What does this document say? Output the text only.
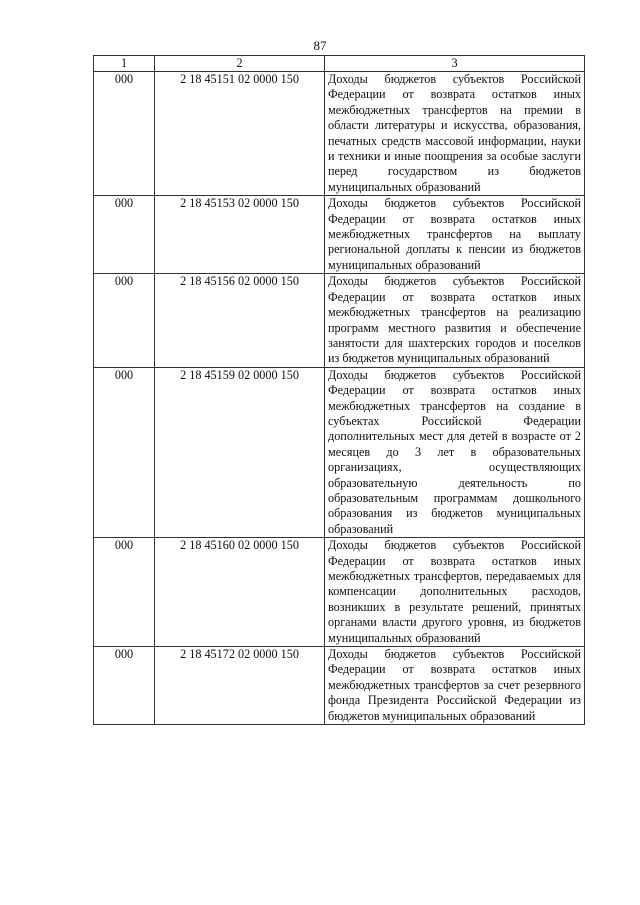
87
1	2	3
000	2 18 45151 02 0000 150	Доходы бюджетов субъектов Российской Федерации от возврата остатков иных межбюджетных трансфертов на премии в области литературы и искусства, образования, печатных средств массовой информации, науки и техники и иные поощрения за особые заслуги перед государством из бюджетов муниципальных образований
000	2 18 45153 02 0000 150	Доходы бюджетов субъектов Российской Федерации от возврата остатков иных межбюджетных трансфертов на выплату региональной доплаты к пенсии из бюджетов муниципальных образований
000	2 18 45156 02 0000 150	Доходы бюджетов субъектов Российской Федерации от возврата остатков иных межбюджетных трансфертов на реализацию программ местного развития и обеспечение занятости для шахтерских городов и поселков из бюджетов муниципальных образований
000	2 18 45159 02 0000 150	Доходы бюджетов субъектов Российской Федерации от возврата остатков иных межбюджетных трансфертов на создание в субъектах Российской Федерации дополнительных мест для детей в возрасте от 2 месяцев до 3 лет в образовательных организациях, осуществляющих образовательную деятельность по образовательным программам дошкольного образования из бюджетов муниципальных образований
000	2 18 45160 02 0000 150	Доходы бюджетов субъектов Российской Федерации от возврата остатков иных межбюджетных трансфертов, передаваемых для компенсации дополнительных расходов, возникших в результате решений, принятых органами власти другого уровня, из бюджетов муниципальных образований
000	2 18 45172 02 0000 150	Доходы бюджетов субъектов Российской Федерации от возврата остатков иных межбюджетных трансфертов за счет резервного фонда Президента Российской Федерации из бюджетов муниципальных образований
